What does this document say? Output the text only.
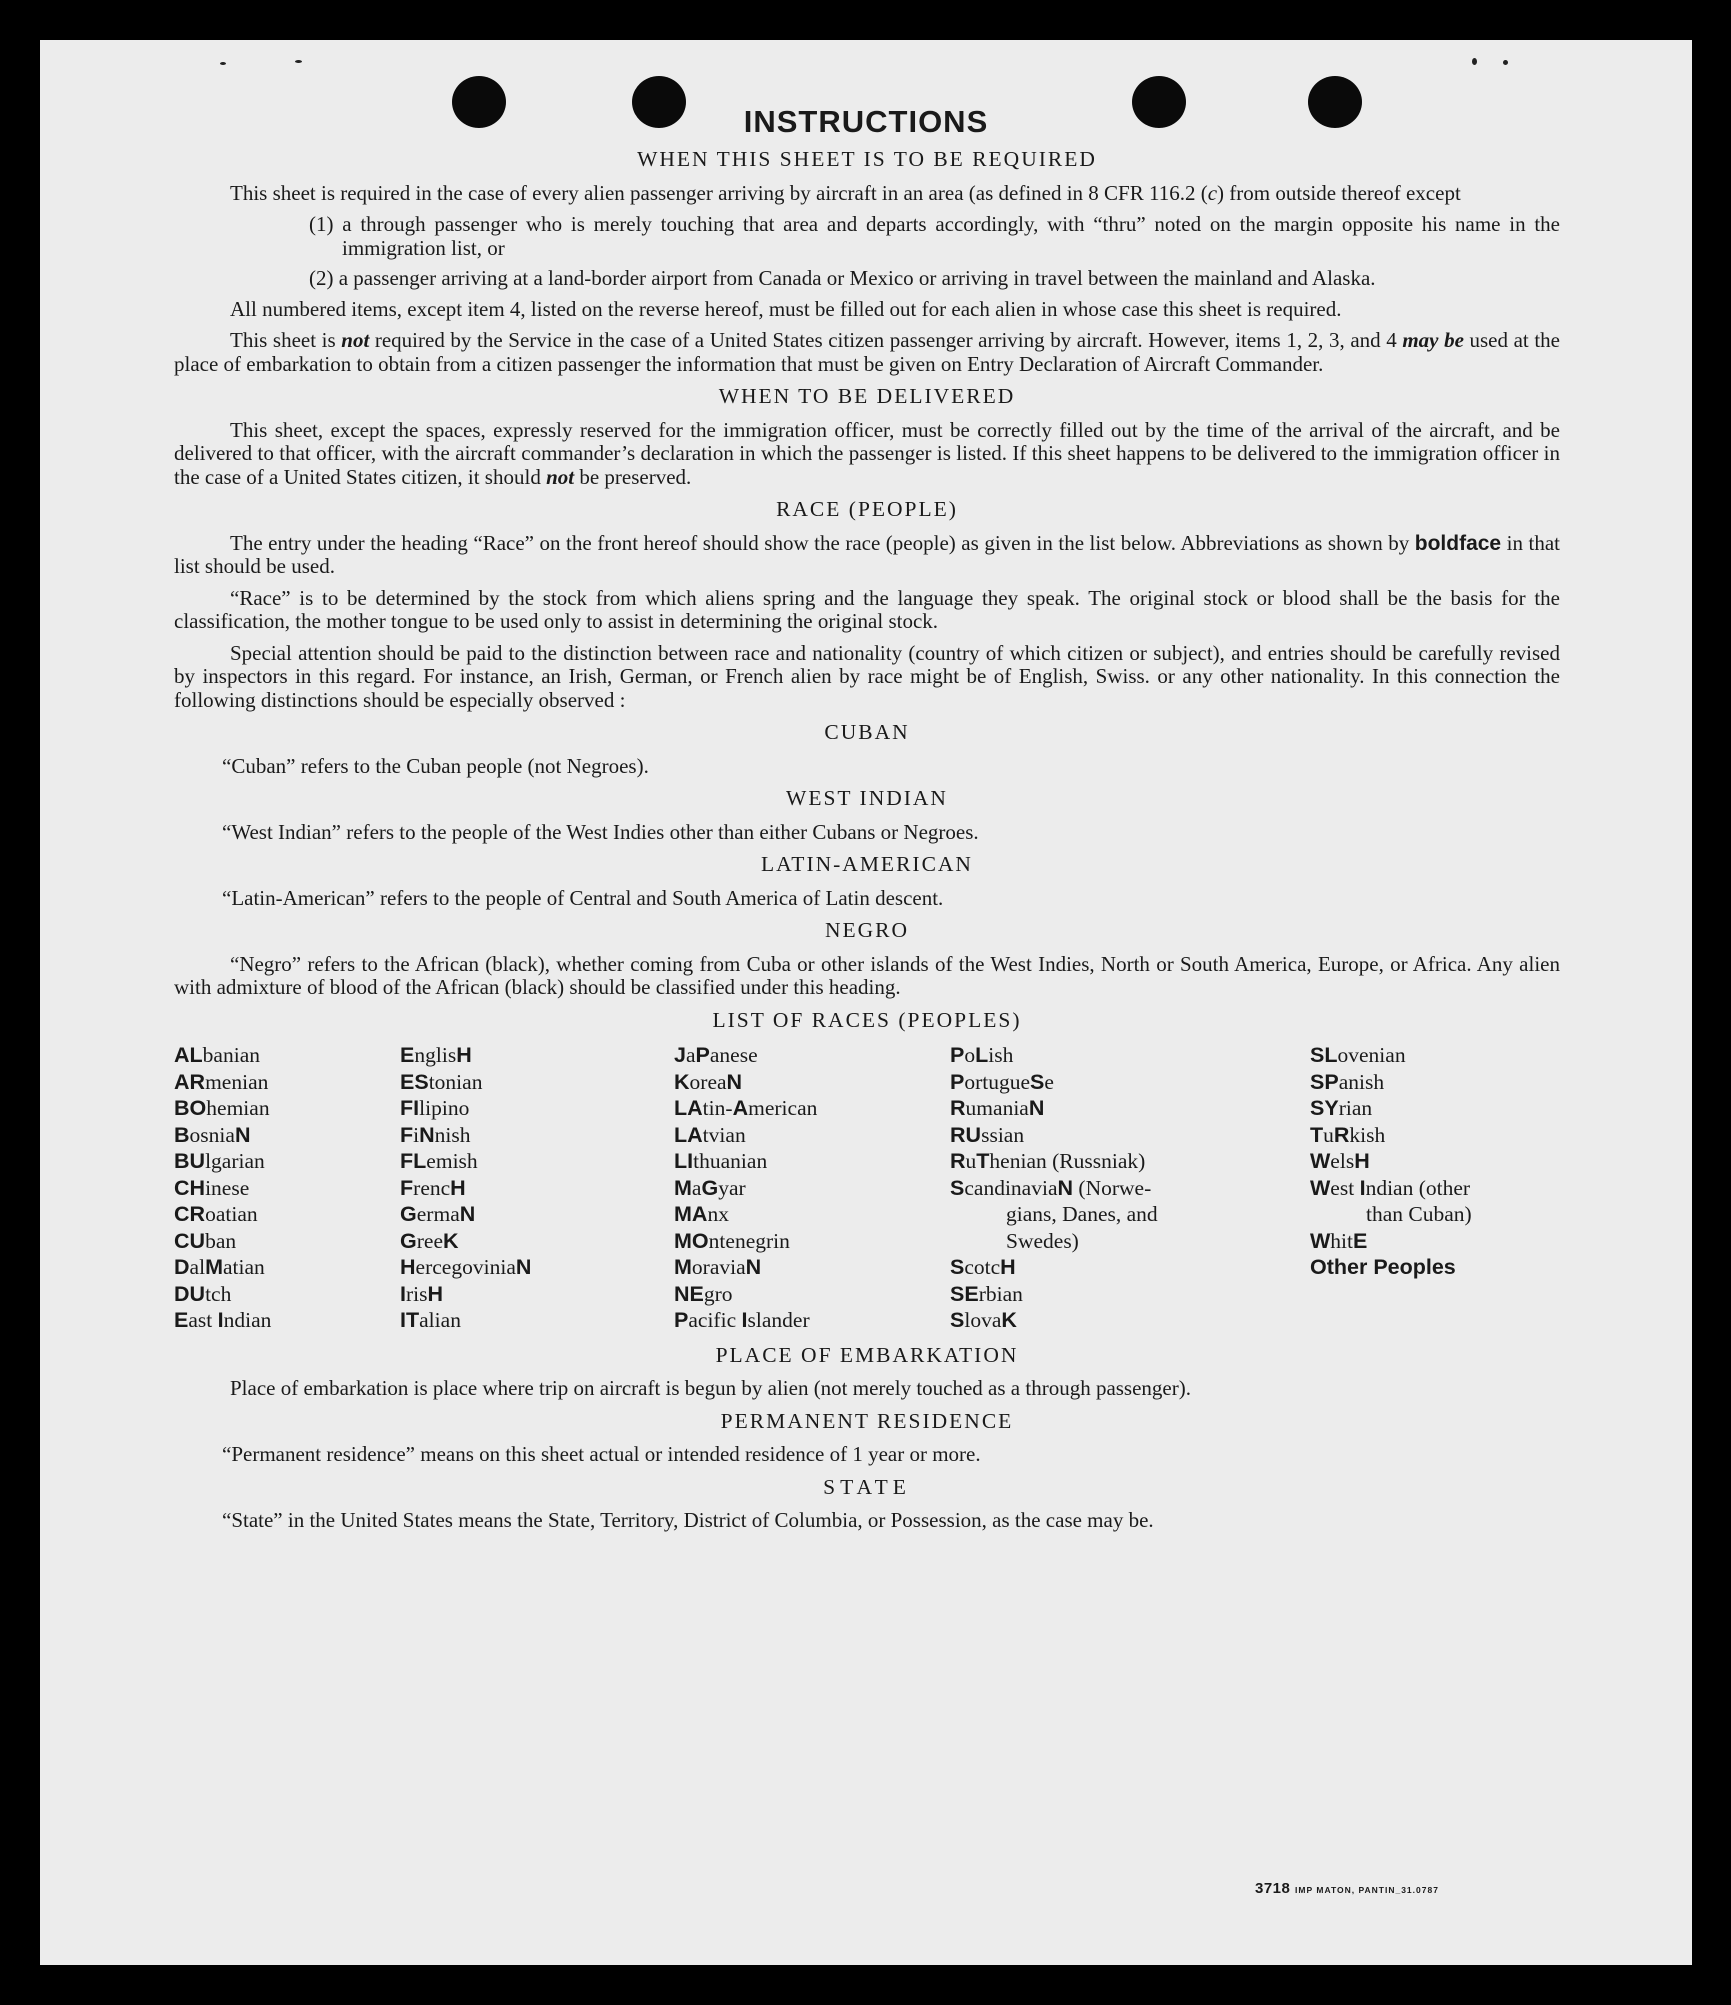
INSTRUCTIONS
WHEN THIS SHEET IS TO BE REQUIRED

This sheet is required in the case of every alien passenger arriving by aircraft in an area (as defined in 8 CFR 116.2 (c) from outside thereof except

(1) a through passenger who is merely touching that area and departs accordingly, with “thru” noted on the margin opposite his name in the immigration list, or

(2) a passenger arriving at a land-border airport from Canada or Mexico or arriving in travel between the mainland and Alaska.

All numbered items, except item 4, listed on the reverse hereof, must be filled out for each alien in whose case this sheet is required.

This sheet is not required by the Service in the case of a United States citizen passenger arriving by aircraft. However, items 1, 2, 3, and 4 may be used at the place of embarkation to obtain from a citizen passenger the information that must be given on Entry Declaration of Aircraft Commander.

WHEN TO BE DELIVERED

This sheet, except the spaces, expressly reserved for the immigration officer, must be correctly filled out by the time of the arrival of the aircraft, and be delivered to that officer, with the aircraft commander’s declaration in which the passenger is listed. If this sheet happens to be delivered to the immigration officer in the case of a United States citizen, it should not be preserved.

RACE (PEOPLE)

The entry under the heading “Race” on the front hereof should show the race (people) as given in the list below. Abbreviations as shown by boldface in that list should be used.

“Race” is to be determined by the stock from which aliens spring and the language they speak. The original stock or blood shall be the basis for the classification, the mother tongue to be used only to assist in determining the original stock.

Special attention should be paid to the distinction between race and nationality (country of which citizen or subject), and entries should be carefully revised by inspectors in this regard. For instance, an Irish, German, or French alien by race might be of English, Swiss. or any other nationality. In this connection the following distinctions should be especially observed :

CUBAN

“Cuban” refers to the Cuban people (not Negroes).

WEST INDIAN

“West Indian” refers to the people of the West Indies other than either Cubans or Negroes.

LATIN-AMERICAN

“Latin-American” refers to the people of Central and South America of Latin descent.

NEGRO

“Negro” refers to the African (black), whether coming from Cuba or other islands of the West Indies, North or South America, Europe, or Africa. Any alien with admixture of blood of the African (black) should be classified under this heading.

LIST OF RACES (PEOPLES)
ALbanian
ARmenian
BOhemian
BosniaN
BUlgarian
CHinese
CRoatian
CUban
DalMatian
DUtch
East Indian
EnglisH
EStonian
FIlipino
FiNnish
FLemish
FrencH
GermaN
GreeK
HercegoviniaN
IrisH
ITalian
JaPanese
KoreaN
LAtin-American
LAtvian
LIthuanian
MaGyar
MAnx
MOntenegrin
MoraviaN
NEgro
Pacific Islander
PoLish
PortugueSe
RumaniaN
RUssian
RuThenian (Russniak)
ScandinaviaN (Norwe-
gians, Danes, and
Swedes)
ScotcH
SErbian
SlovaK
SLovenian
SPanish
SYrian
TuRkish
WelsH
West Indian (other
than Cuban)
WhitE
Other Peoples
PLACE OF EMBARKATION

Place of embarkation is place where trip on aircraft is begun by alien (not merely touched as a through passenger).

PERMANENT RESIDENCE

“Permanent residence” means on this sheet actual or intended residence of 1 year or more.

STATE

“State” in the United States means the State, Territory, District of Columbia, or Possession, as the case may be.

3718 IMP MATON, PANTIN_31.0787
